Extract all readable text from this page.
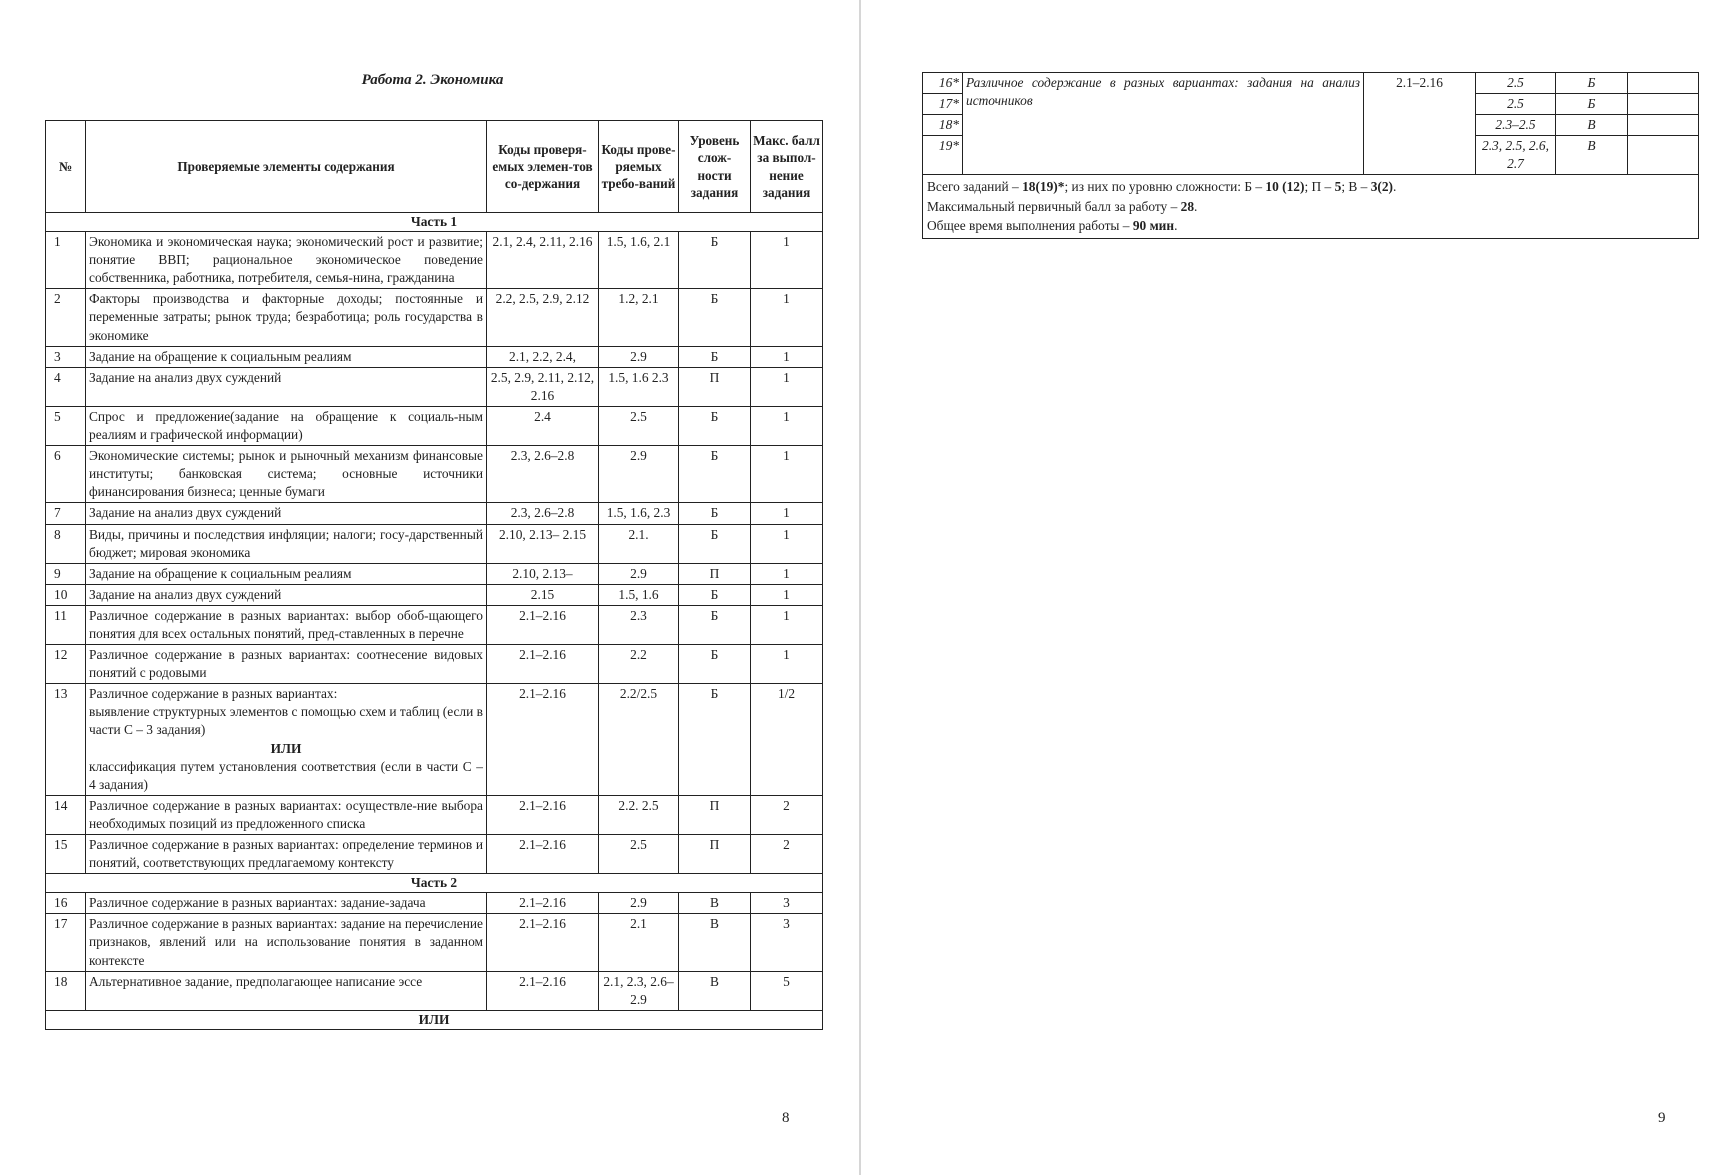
Работа 2. Экономика
№	Проверяемые элементы содержания	Коды проверя-емых элемен-тов со-держания	Коды прове-ряемых требо-ваний	Уровень слож-ности задания	Макс. балл за выпол-нение задания
Часть 1					
1	Экономика и экономическая наука; экономический рост и развитие; понятие ВВП; рациональное экономическое поведение собственника, работника, потребителя, семья-нина, гражданина	2.1, 2.4, 2.11, 2.16	1.5, 1.6, 2.1	Б	1
2	Факторы производства и факторные доходы; постоянные и переменные затраты; рынок труда; безработица; роль государства в экономике	2.2, 2.5, 2.9, 2.12	1.2, 2.1	Б	1
3	Задание на обращение к социальным реалиям	2.1, 2.2, 2.4,	2.9	Б	1
4	Задание на анализ двух суждений	2.5, 2.9, 2.11, 2.12, 2.16	1.5, 1.6 2.3	П	1
5	Спрос и предложение(задание на обращение к социаль-ным реалиям и графической информации)	2.4	2.5	Б	1
6	Экономические системы; рынок и рыночный механизм финансовые институты; банковская система; основные источники финансирования бизнеса; ценные бумаги	2.3, 2.6–2.8	2.9	Б	1
7	Задание на анализ двух суждений	2.3, 2.6–2.8	1.5, 1.6, 2.3	Б	1
8	Виды, причины и последствия инфляции; налоги; госу-дарственный бюджет; мировая экономика	2.10, 2.13– 2.15	2.1.	Б	1
9	Задание на обращение к социальным реалиям	2.10, 2.13–	2.9	П	1
10	Задание на анализ двух суждений	2.15	1.5, 1.6	Б	1
11	Различное содержание в разных вариантах: выбор обоб-щающего понятия для всех остальных понятий, пред-ставленных в перечне	2.1–2.16	2.3	Б	1
12	Различное содержание в разных вариантах: соотнесение видовых понятий с родовыми	2.1–2.16	2.2	Б	1
13	Различное содержание в разных вариантах:
выявление структурных элементов с помощью схем и таблиц (если в части С – 3 задания)
ИЛИ
классификация путем установления соответствия (если в части С – 4 задания)	2.1–2.16	2.2/2.5	Б	1/2
14	Различное содержание в разных вариантах: осуществле-ние выбора необходимых позиций из предложенного списка	2.1–2.16	2.2. 2.5	П	2
15	Различное содержание в разных вариантах: определение терминов и понятий, соответствующих предлагаемому контексту	2.1–2.16	2.5	П	2
Часть 2					
16	Различное содержание в разных вариантах: задание-задача	2.1–2.16	2.9	В	3
17	Различное содержание в разных вариантах: задание на перечисление признаков, явлений или на использование понятия в заданном контексте	2.1–2.16	2.1	В	3
18	Альтернативное задание, предполагающее написание эссе	2.1–2.16	2.1, 2.3, 2.6–2.9	В	5
ИЛИ					
8
16*	Различное содержание в разных вариантах: задания на анализ источников	2.1–2.16	2.5	Б	
17*			2.5	Б	
18*			2.3–2.5	В	
19*			2.3, 2.5, 2.6, 2.7	В	

Всего заданий – 18(19)*; из них по уровню сложности: Б – 10 (12); П – 5; В – 3(2).
Максимальный первичный балл за работу – 28.
Общее время выполнения работы – 90 мин.					
9
